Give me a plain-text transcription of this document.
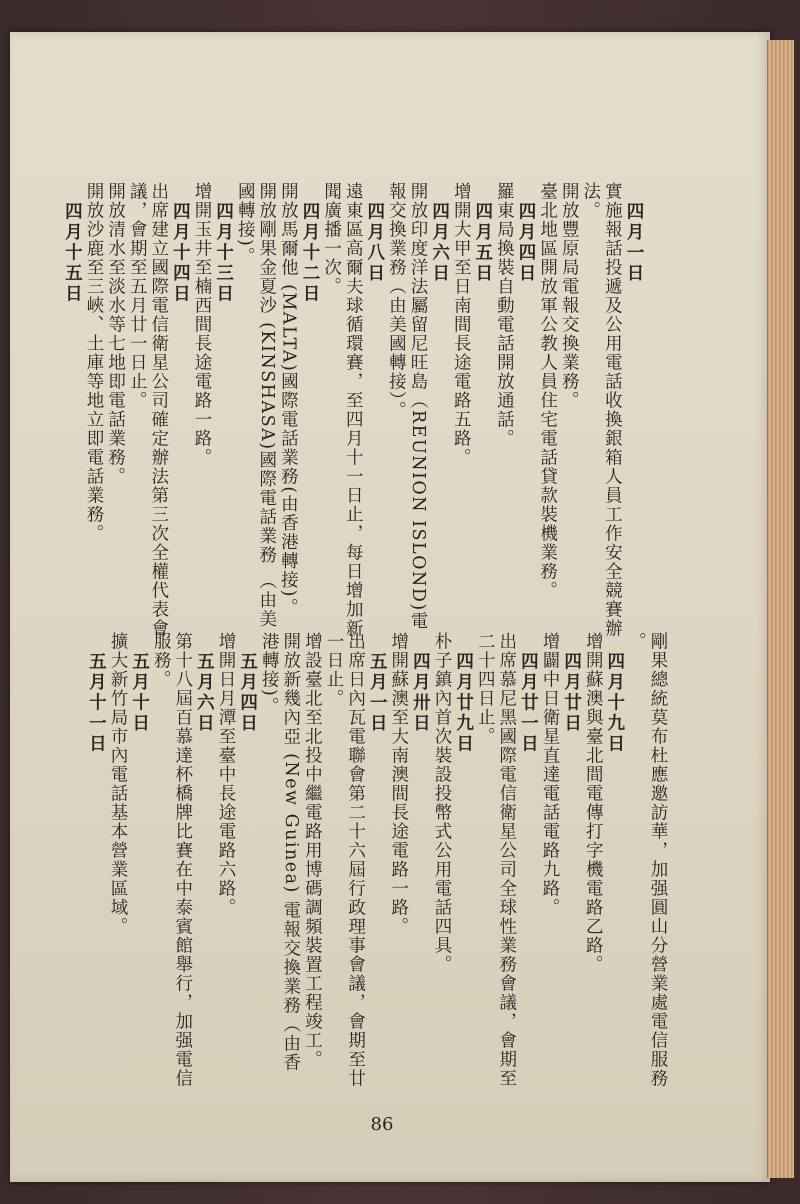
四月一日
實施報話投遞及公用電話收換銀箱人員工作安全競賽辦
法。
開放豐原局電報交換業務。
臺北地區開放軍公教人員住宅電話貸款裝機業務。
四月四日
羅東局換裝自動電話開放通話。
四月五日
增開大甲至日南間長途電路五路。
四月六日
開放印度洋法屬留尼旺島（REUNION ISLOND)電
報交換業務（由美國轉接）。
四月八日
遠東區高爾夫球循環賽，至四月十一日止，每日增加新
聞廣播一次。
四月十二日
開放馬爾他 (MALTA)國際電話業務(由香港轉接)。
開放剛果金夏沙 (KINSHASA)國際電話業務 （由美
國轉接)。
四月十三日
增開玉井至楠西間長途電路一路。
四月十四日
出席建立國際電信衛星公司確定辦法第三次全權代表會
議，會期至五月廿一日止。
開放清水至淡水等七地即電話業務。
開放沙鹿至三峽、土庫等地立即電話業務。
四月十五日
剛果總統莫布杜應邀訪華，加强圓山分營業處電信服務
。
四月十九日
增開蘇澳與臺北間電傳打字機電路乙路。
四月廿日
增闢中日衛星直達電話電路九路。
四月廿一日
出席慕尼黑國際電信衛星公司全球性業務會議，會期至
二十四日止。
四月廿九日
朴子鎮內首次裝設投幣式公用電話四具。
四月卅日
增開蘇澳至大南澳間長途電路一路。
五月一日
出席日內瓦電聯會第二十六屆行政理事會議，會期至廿
一日止。
增設臺北至北投中繼電路用博碼調頻裝置工程竣工。
開放新幾內亞 (New Guinea) 電報交換業務（由香
港轉接)。
五月四日
增開日月潭至臺中長途電路六路。
五月六日
第十八屆百慕達杯橋牌比賽在中泰賓館舉行，加强電信
服務。
五月十日
擴大新竹局市內電話基本營業區域。
五月十一日
86
